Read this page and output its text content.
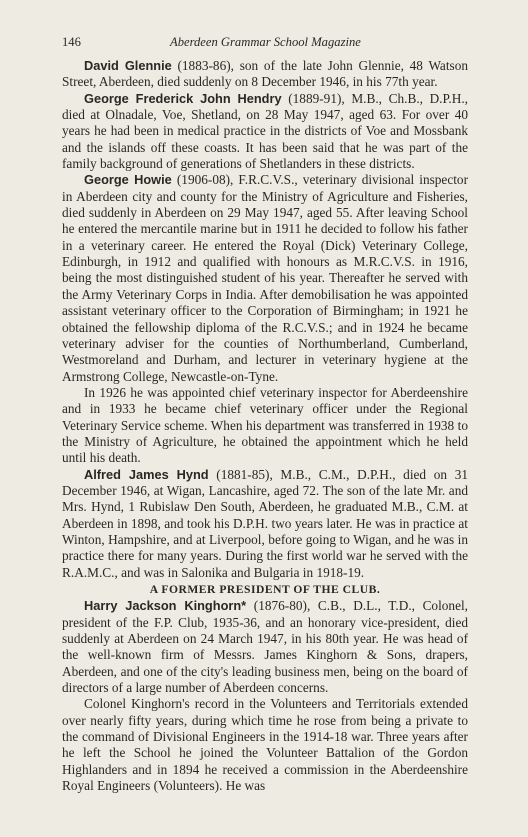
146	Aberdeen Grammar School Magazine

David Glennie (1883-86), son of the late John Glennie, 48 Watson Street, Aberdeen, died suddenly on 8 December 1946, in his 77th year.

George Frederick John Hendry (1889-91), M.B., Ch.B., D.P.H., died at Olnadale, Voe, Shetland, on 28 May 1947, aged 63. For over 40 years he had been in medical practice in the districts of Voe and Mossbank and the islands off these coasts. It has been said that he was part of the family background of generations of Shetlanders in these districts.

George Howie (1906-08), F.R.C.V.S., veterinary divisional inspector in Aberdeen city and county for the Ministry of Agriculture and Fisheries, died suddenly in Aberdeen on 29 May 1947, aged 55. After leaving School he entered the mercantile marine but in 1911 he decided to follow his father in a veterinary career. He entered the Royal (Dick) Veterinary College, Edinburgh, in 1912 and qualified with honours as M.R.C.V.S. in 1916, being the most distinguished student of his year. Thereafter he served with the Army Veterinary Corps in India. After demobilisation he was appointed assistant veterinary officer to the Corporation of Birmingham; in 1921 he obtained the fellowship diploma of the R.C.V.S.; and in 1924 he became veterinary adviser for the counties of Northumberland, Cumberland, Westmoreland and Durham, and lecturer in veterinary hygiene at the Armstrong College, Newcastle-on-Tyne.

In 1926 he was appointed chief veterinary inspector for Aberdeenshire and in 1933 he became chief veterinary officer under the Regional Veterinary Service scheme. When his department was transferred in 1938 to the Ministry of Agriculture, he obtained the appointment which he held until his death.

Alfred James Hynd (1881-85), M.B., C.M., D.P.H., died on 31 December 1946, at Wigan, Lancashire, aged 72. The son of the late Mr. and Mrs. Hynd, 1 Rubislaw Den South, Aberdeen, he graduated M.B., C.M. at Aberdeen in 1898, and took his D.P.H. two years later. He was in practice at Winton, Hampshire, and at Liverpool, before going to Wigan, and he was in practice there for many years. During the first world war he served with the R.A.M.C., and was in Salonika and Bulgaria in 1918-19.

A FORMER PRESIDENT OF THE CLUB.

Harry Jackson Kinghorn* (1876-80), C.B., D.L., T.D., Colonel, president of the F.P. Club, 1935-36, and an honorary vice-president, died suddenly at Aberdeen on 24 March 1947, in his 80th year. He was head of the well-known firm of Messrs. James Kinghorn & Sons, drapers, Aberdeen, and one of the city's leading business men, being on the board of directors of a large number of Aberdeen concerns.

Colonel Kinghorn's record in the Volunteers and Territorials extended over nearly fifty years, during which time he rose from being a private to the command of Divisional Engineers in the 1914-18 war. Three years after he left the School he joined the Volunteer Battalion of the Gordon Highlanders and in 1894 he received a commission in the Aberdeenshire Royal Engineers (Volunteers). He was
